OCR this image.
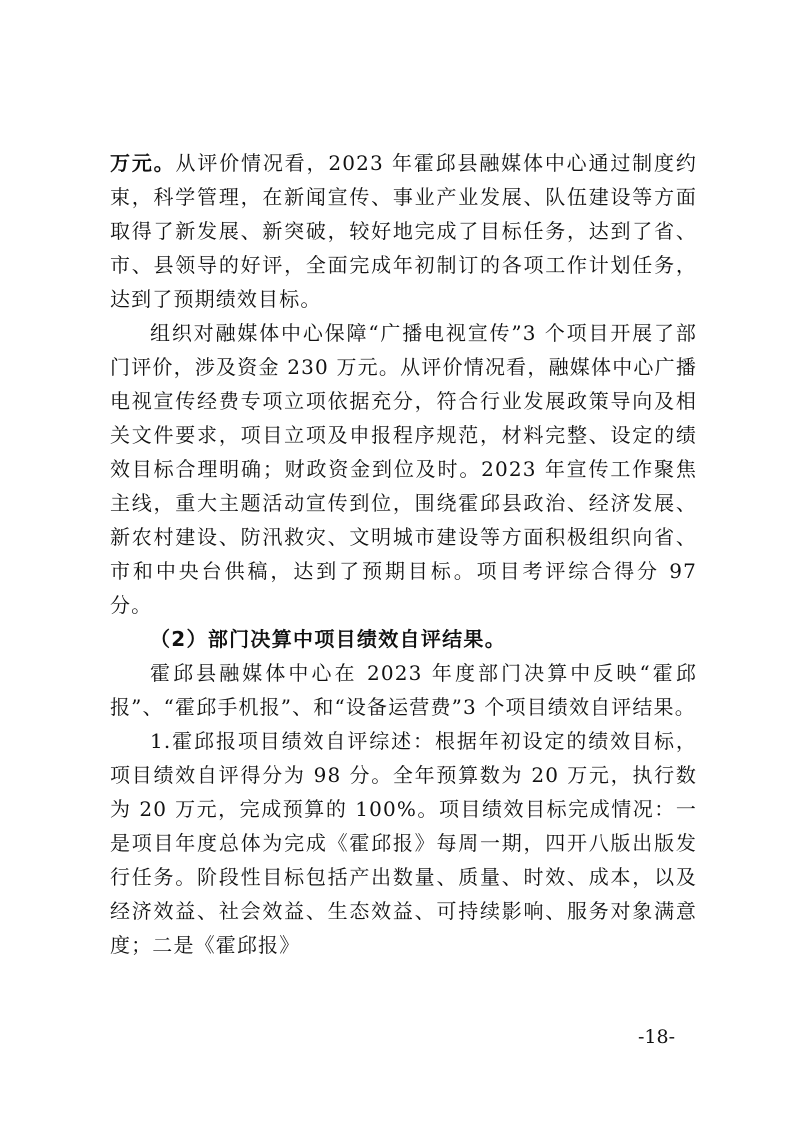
万元。从评价情况看，2023 年霍邱县融媒体中心通过制度约束，科学管理，在新闻宣传、事业产业发展、队伍建设等方面取得了新发展、新突破，较好地完成了目标任务，达到了省、市、县领导的好评，全面完成年初制订的各项工作计划任务，达到了预期绩效目标。

组织对融媒体中心保障“广播电视宣传”3 个项目开展了部门评价，涉及资金 230 万元。从评价情况看，融媒体中心广播电视宣传经费专项立项依据充分，符合行业发展政策导向及相关文件要求，项目立项及申报程序规范，材料完整、设定的绩效目标合理明确；财政资金到位及时。2023 年宣传工作聚焦主线，重大主题活动宣传到位，围绕霍邱县政治、经济发展、新农村建设、防汛救灾、文明城市建设等方面积极组织向省、市和中央台供稿，达到了预期目标。项目考评综合得分 97 分。

（2）部门决算中项目绩效自评结果。

霍邱县融媒体中心在 2023 年度部门决算中反映“霍邱报”、“霍邱手机报”、和“设备运营费”3 个项目绩效自评结果。

1.霍邱报项目绩效自评综述：根据年初设定的绩效目标，项目绩效自评得分为 98 分。全年预算数为 20 万元，执行数为 20 万元，完成预算的 100%。项目绩效目标完成情况：一是项目年度总体为完成《霍邱报》每周一期，四开八版出版发行任务。阶段性目标包括产出数量、质量、时效、成本，以及经济效益、社会效益、生态效益、可持续影响、服务对象满意度；二是《霍邱报》

-18-
